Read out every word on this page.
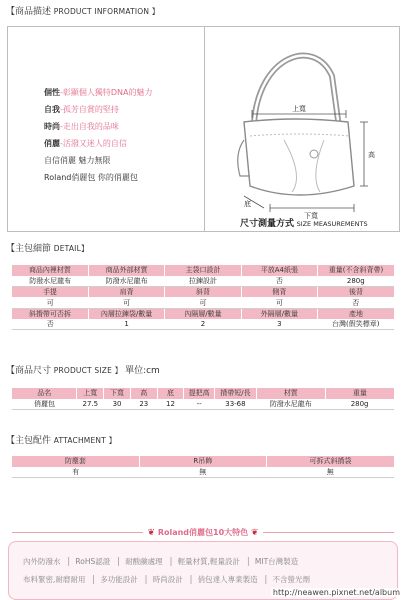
【商品描述 PRODUCT INFORMATION 】
個性-彰顯個人獨特DNA的魅力
自我-孤芳自賞的堅持
時尚-走出自我的品味
俏麗-活潑又迷人的自信
自信俏麗 魅力無限
Roland俏麗包 你的俏麗包
上寬
高
底
下寬
尺寸測量方式 SIZE MEASUREMENTS
【主包細節 DETAIL】
商品內裡材質	商品外部材質	主袋口設計	平放A4紙張	重量(不含斜背帶)
防潑水尼龍布	防潑水尼龍布	拉鍊設計	否	280g
手提	肩背	斜背	側背	後背
可	可	可	可	否
斜揹帶可否拆	內層拉鍊袋/數量	內隔層/數量	外隔層/數量	產地
否	1	2	3	台灣(假笑標章)
【商品尺寸 PRODUCT SIZE 】 單位:cm
品名	上寬	下寬	高	底	提把高	揹帶短/長	材質	重量
俏麗包	27.5	30	23	12	--	33-68	防潑水尼龍布	280g
【主包配件 ATTACHMENT 】
防塵套	R吊飾	可拆式斜揹袋
有	無	無
❦ Roland俏麗包10大特色 ❦
內外防潑水 │ RoHS認證 │ 耐酸鹼處理 │ 輕量材質,輕量設計 │ MIT台灣製造
布料緊密,耐磨耐用 │ 多功能設計 │ 時尚設計 │ 俏包達人專業製造 │ 不含螢光劑
http://neawen.pixnet.net/album
